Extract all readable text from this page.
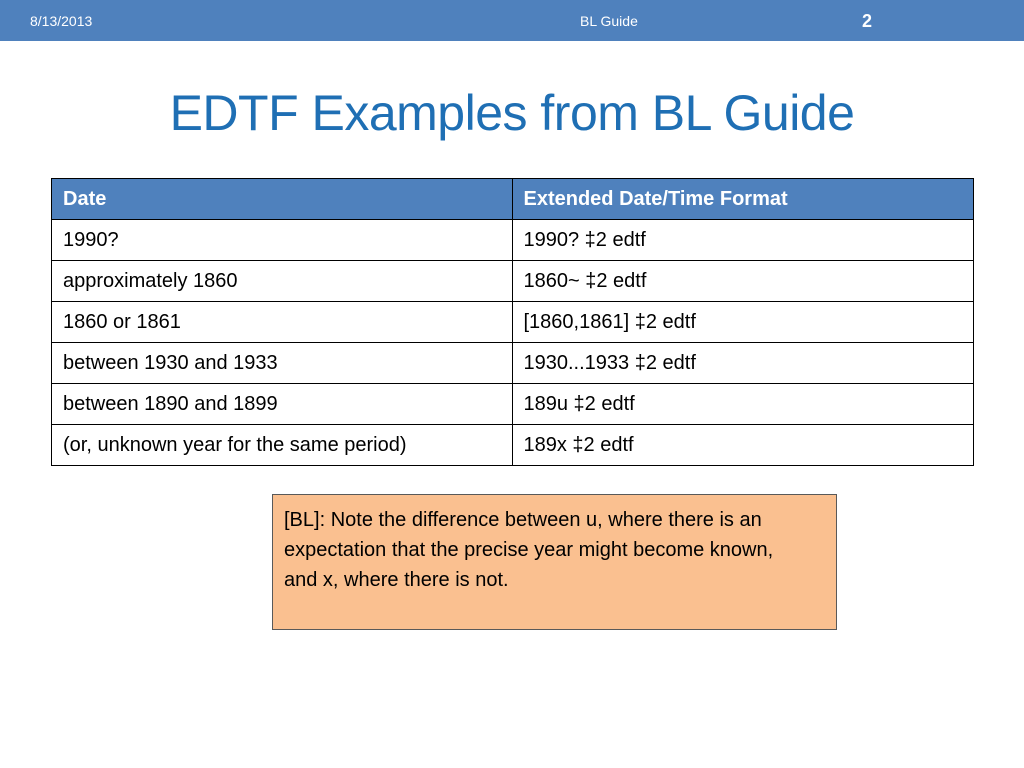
8/13/2013	BL Guide	2
EDTF Examples from BL Guide
Date	Extended Date/Time Format
1990?	1990? ‡2 edtf
approximately 1860	1860~ ‡2 edtf
1860 or 1861	[1860,1861] ‡2 edtf
between 1930 and 1933	1930...1933 ‡2 edtf
between 1890 and 1899	189u ‡2 edtf
(or, unknown year for the same period)	189x ‡2 edtf
[BL]: Note the difference between u, where there is an expectation that the precise year might become known, and x, where there is not.
